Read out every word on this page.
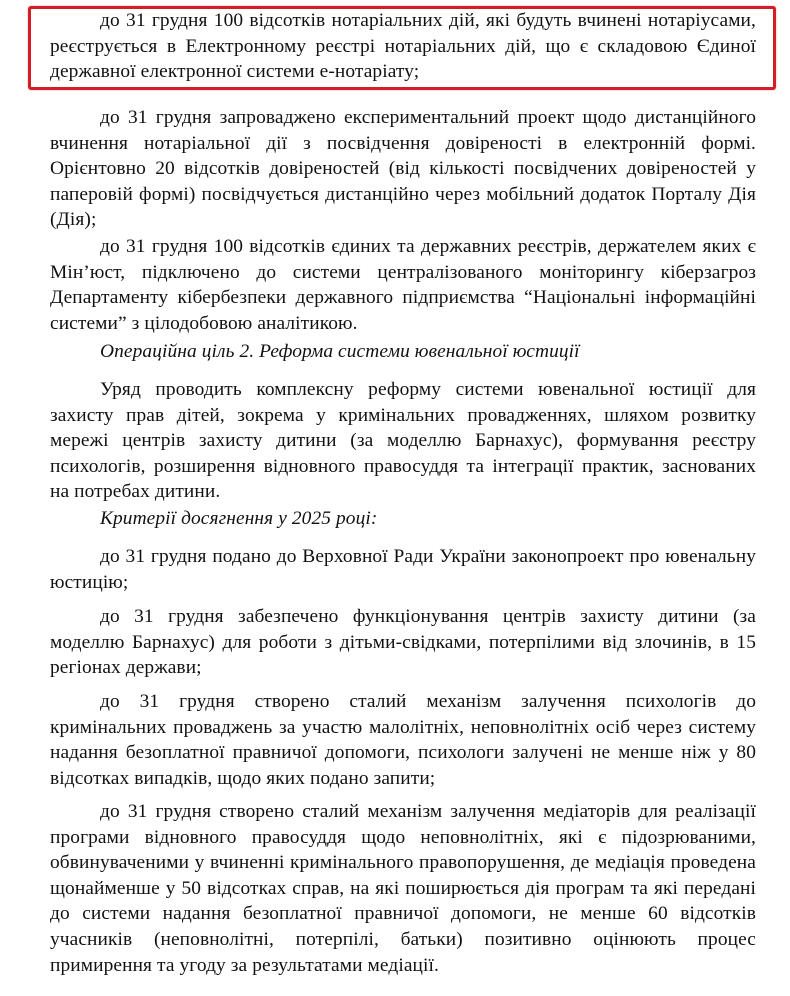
до 31 грудня 100 відсотків нотаріальних дій, які будуть вчинені нотаріусами, реєструється в Електронному реєстрі нотаріальних дій, що є складовою Єдиної державної електронної системи е-нотаріату;

до 31 грудня запроваджено експериментальний проект щодо дистанційного вчинення нотаріальної дії з посвідчення довіреності в електронній формі. Орієнтовно 20 відсотків довіреностей (від кількості посвідчених довіреностей у паперовій формі) посвідчується дистанційно через мобільний додаток Порталу Дія (Дія);

до 31 грудня 100 відсотків єдиних та державних реєстрів, держателем яких є Мін’юст, підключено до системи централізованого моніторингу кіберзагроз Департаменту кібербезпеки державного підприємства “Національні інформаційні системи” з цілодобовою аналітикою.

Операційна ціль 2. Реформа системи ювенальної юстиції

Уряд проводить комплексну реформу системи ювенальної юстиції для захисту прав дітей, зокрема у кримінальних провадженнях, шляхом розвитку мережі центрів захисту дитини (за моделлю Барнахус), формування реєстру психологів, розширення відновного правосуддя та інтеграції практик, заснованих на потребах дитини.

Критерії досягнення у 2025 році:

до 31 грудня подано до Верховної Ради України законопроект про ювенальну юстицію;

до 31 грудня забезпечено функціонування центрів захисту дитини (за моделлю Барнахус) для роботи з дітьми-свідками, потерпілими від злочинів, в 15 регіонах держави;

до 31 грудня створено сталий механізм залучення психологів до кримінальних проваджень за участю малолітніх, неповнолітніх осіб через систему надання безоплатної правничої допомоги, психологи залучені не менше ніж у 80 відсотках випадків, щодо яких подано запити;

до 31 грудня створено сталий механізм залучення медіаторів для реалізації програми відновного правосуддя щодо неповнолітніх, які є підозрюваними, обвинуваченими у вчиненні кримінального правопорушення, де медіація проведена щонайменше у 50 відсотках справ, на які поширюється дія програм та які передані до системи надання безоплатної правничої допомоги, не менше 60 відсотків учасників (неповнолітні, потерпілі, батьки) позитивно оцінюють процес примирення та угоду за результатами медіації.
